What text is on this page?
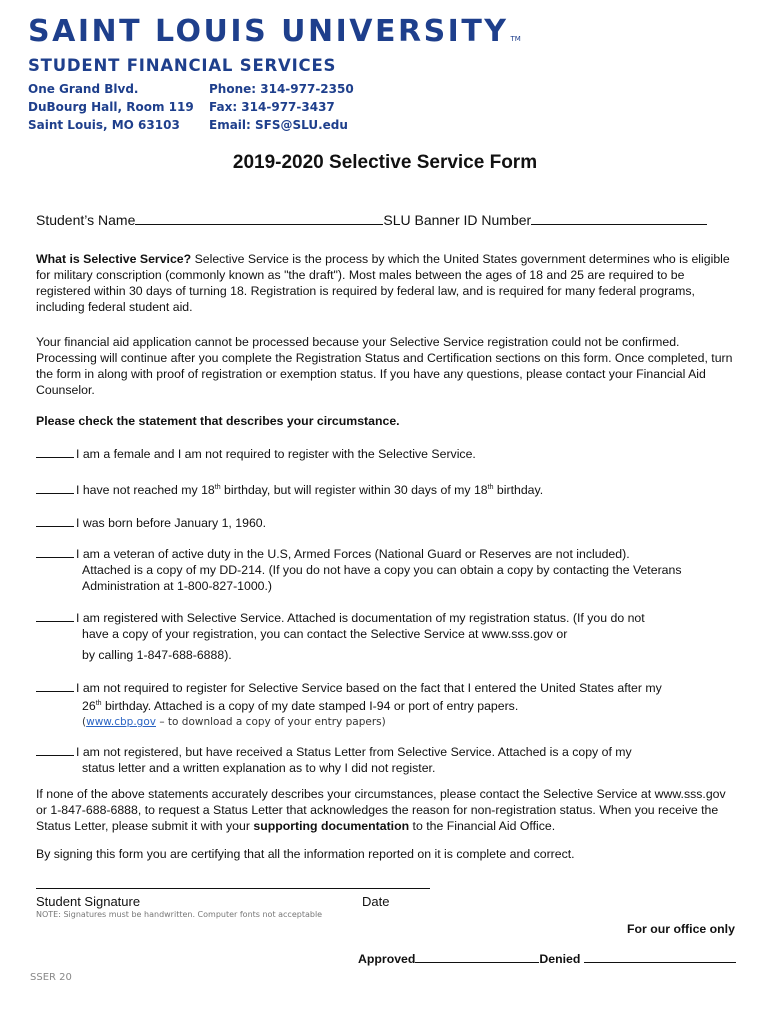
SAINT LOUIS UNIVERSITY TM
STUDENT FINANCIAL SERVICES
One Grand Blvd.
DuBourg Hall, Room 119
Saint Louis, MO 63103
Phone: 314-977-2350
Fax: 314-977-3437
Email: SFS@SLU.edu
2019-2020 Selective Service Form
Student’s Name	SLU Banner ID Number
What is Selective Service? Selective Service is the process by which the United States government determines who is eligible for military conscription (commonly known as "the draft"). Most males between the ages of 18 and 25 are required to be registered within 30 days of turning 18. Registration is required by federal law, and is required for many federal programs, including federal student aid.
Your financial aid application cannot be processed because your Selective Service registration could not be confirmed. Processing will continue after you complete the Registration Status and Certification sections on this form. Once completed, turn the form in along with proof of registration or exemption status. If you have any questions, please contact your Financial Aid Counselor.
Please check the statement that describes your circumstance.
I am a female and I am not required to register with the Selective Service.
I have not reached my 18th birthday, but will register within 30 days of my 18th birthday.
I was born before January 1, 1960.
I am a veteran of active duty in the U.S, Armed Forces (National Guard or Reserves are not included).
Attached is a copy of my DD-214. (If you do not have a copy you can obtain a copy by contacting the Veterans
Administration at 1-800-827-1000.)
I am registered with Selective Service. Attached is documentation of my registration status. (If you do not
have a copy of your registration, you can contact the Selective Service at www.sss.gov or
by calling 1-847-688-6888).
I am not required to register for Selective Service based on the fact that I entered the United States after my
26th birthday. Attached is a copy of my date stamped I-94 or port of entry papers.
(www.cbp.gov – to download a copy of your entry papers)
I am not registered, but have received a Status Letter from Selective Service. Attached is a copy of my
status letter and a written explanation as to why I did not register.
If none of the above statements accurately describes your circumstances, please contact the Selective Service at www.sss.gov or 1-847-688-6888, to request a Status Letter that acknowledges the reason for non-registration status. When you receive the Status Letter, please submit it with your supporting documentation to the Financial Aid Office.
By signing this form you are certifying that all the information reported on it is complete and correct.
Student Signature	Date
NOTE: Signatures must be handwritten. Computer fonts not acceptable
For our office only
Approved	Denied
SSER 20
